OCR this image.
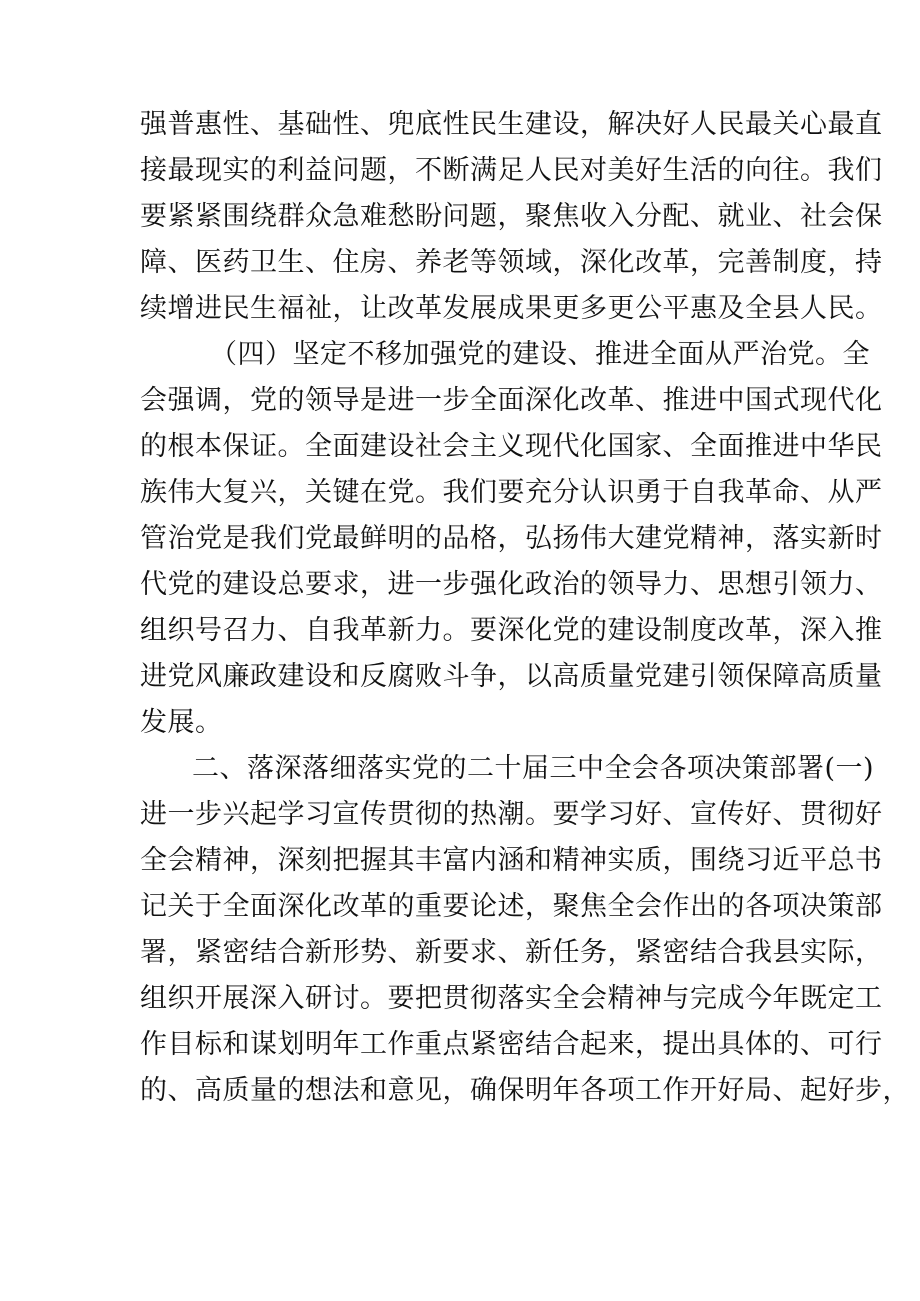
强普惠性、基础性、兜底性民生建设，解决好人民最关心最直
接最现实的利益问题，不断满足人民对美好生活的向往。我们
要紧紧围绕群众急难愁盼问题，聚焦收入分配、就业、社会保
障、医药卫生、住房、养老等领域，深化改革，完善制度，持
续增进民生福祉，让改革发展成果更多更公平惠及全县人民。
（四）坚定不移加强党的建设、推进全面从严治党。全
会强调，党的领导是进一步全面深化改革、推进中国式现代化
的根本保证。全面建设社会主义现代化国家、全面推进中华民
族伟大复兴，关键在党。我们要充分认识勇于自我革命、从严
管治党是我们党最鲜明的品格，弘扬伟大建党精神，落实新时
代党的建设总要求，进一步强化政治的领导力、思想引领力、
组织号召力、自我革新力。要深化党的建设制度改革，深入推
进党风廉政建设和反腐败斗争，以高质量党建引领保障高质量
发展。
二、落深落细落实党的二十届三中全会各项决策部署(一)
进一步兴起学习宣传贯彻的热潮。要学习好、宣传好、贯彻好
全会精神，深刻把握其丰富内涵和精神实质，围绕习近平总书
记关于全面深化改革的重要论述，聚焦全会作出的各项决策部
署，紧密结合新形势、新要求、新任务，紧密结合我县实际，
组织开展深入研讨。要把贯彻落实全会精神与完成今年既定工
作目标和谋划明年工作重点紧密结合起来，提出具体的、可行
的、高质量的想法和意见，确保明年各项工作开好局、起好步，
